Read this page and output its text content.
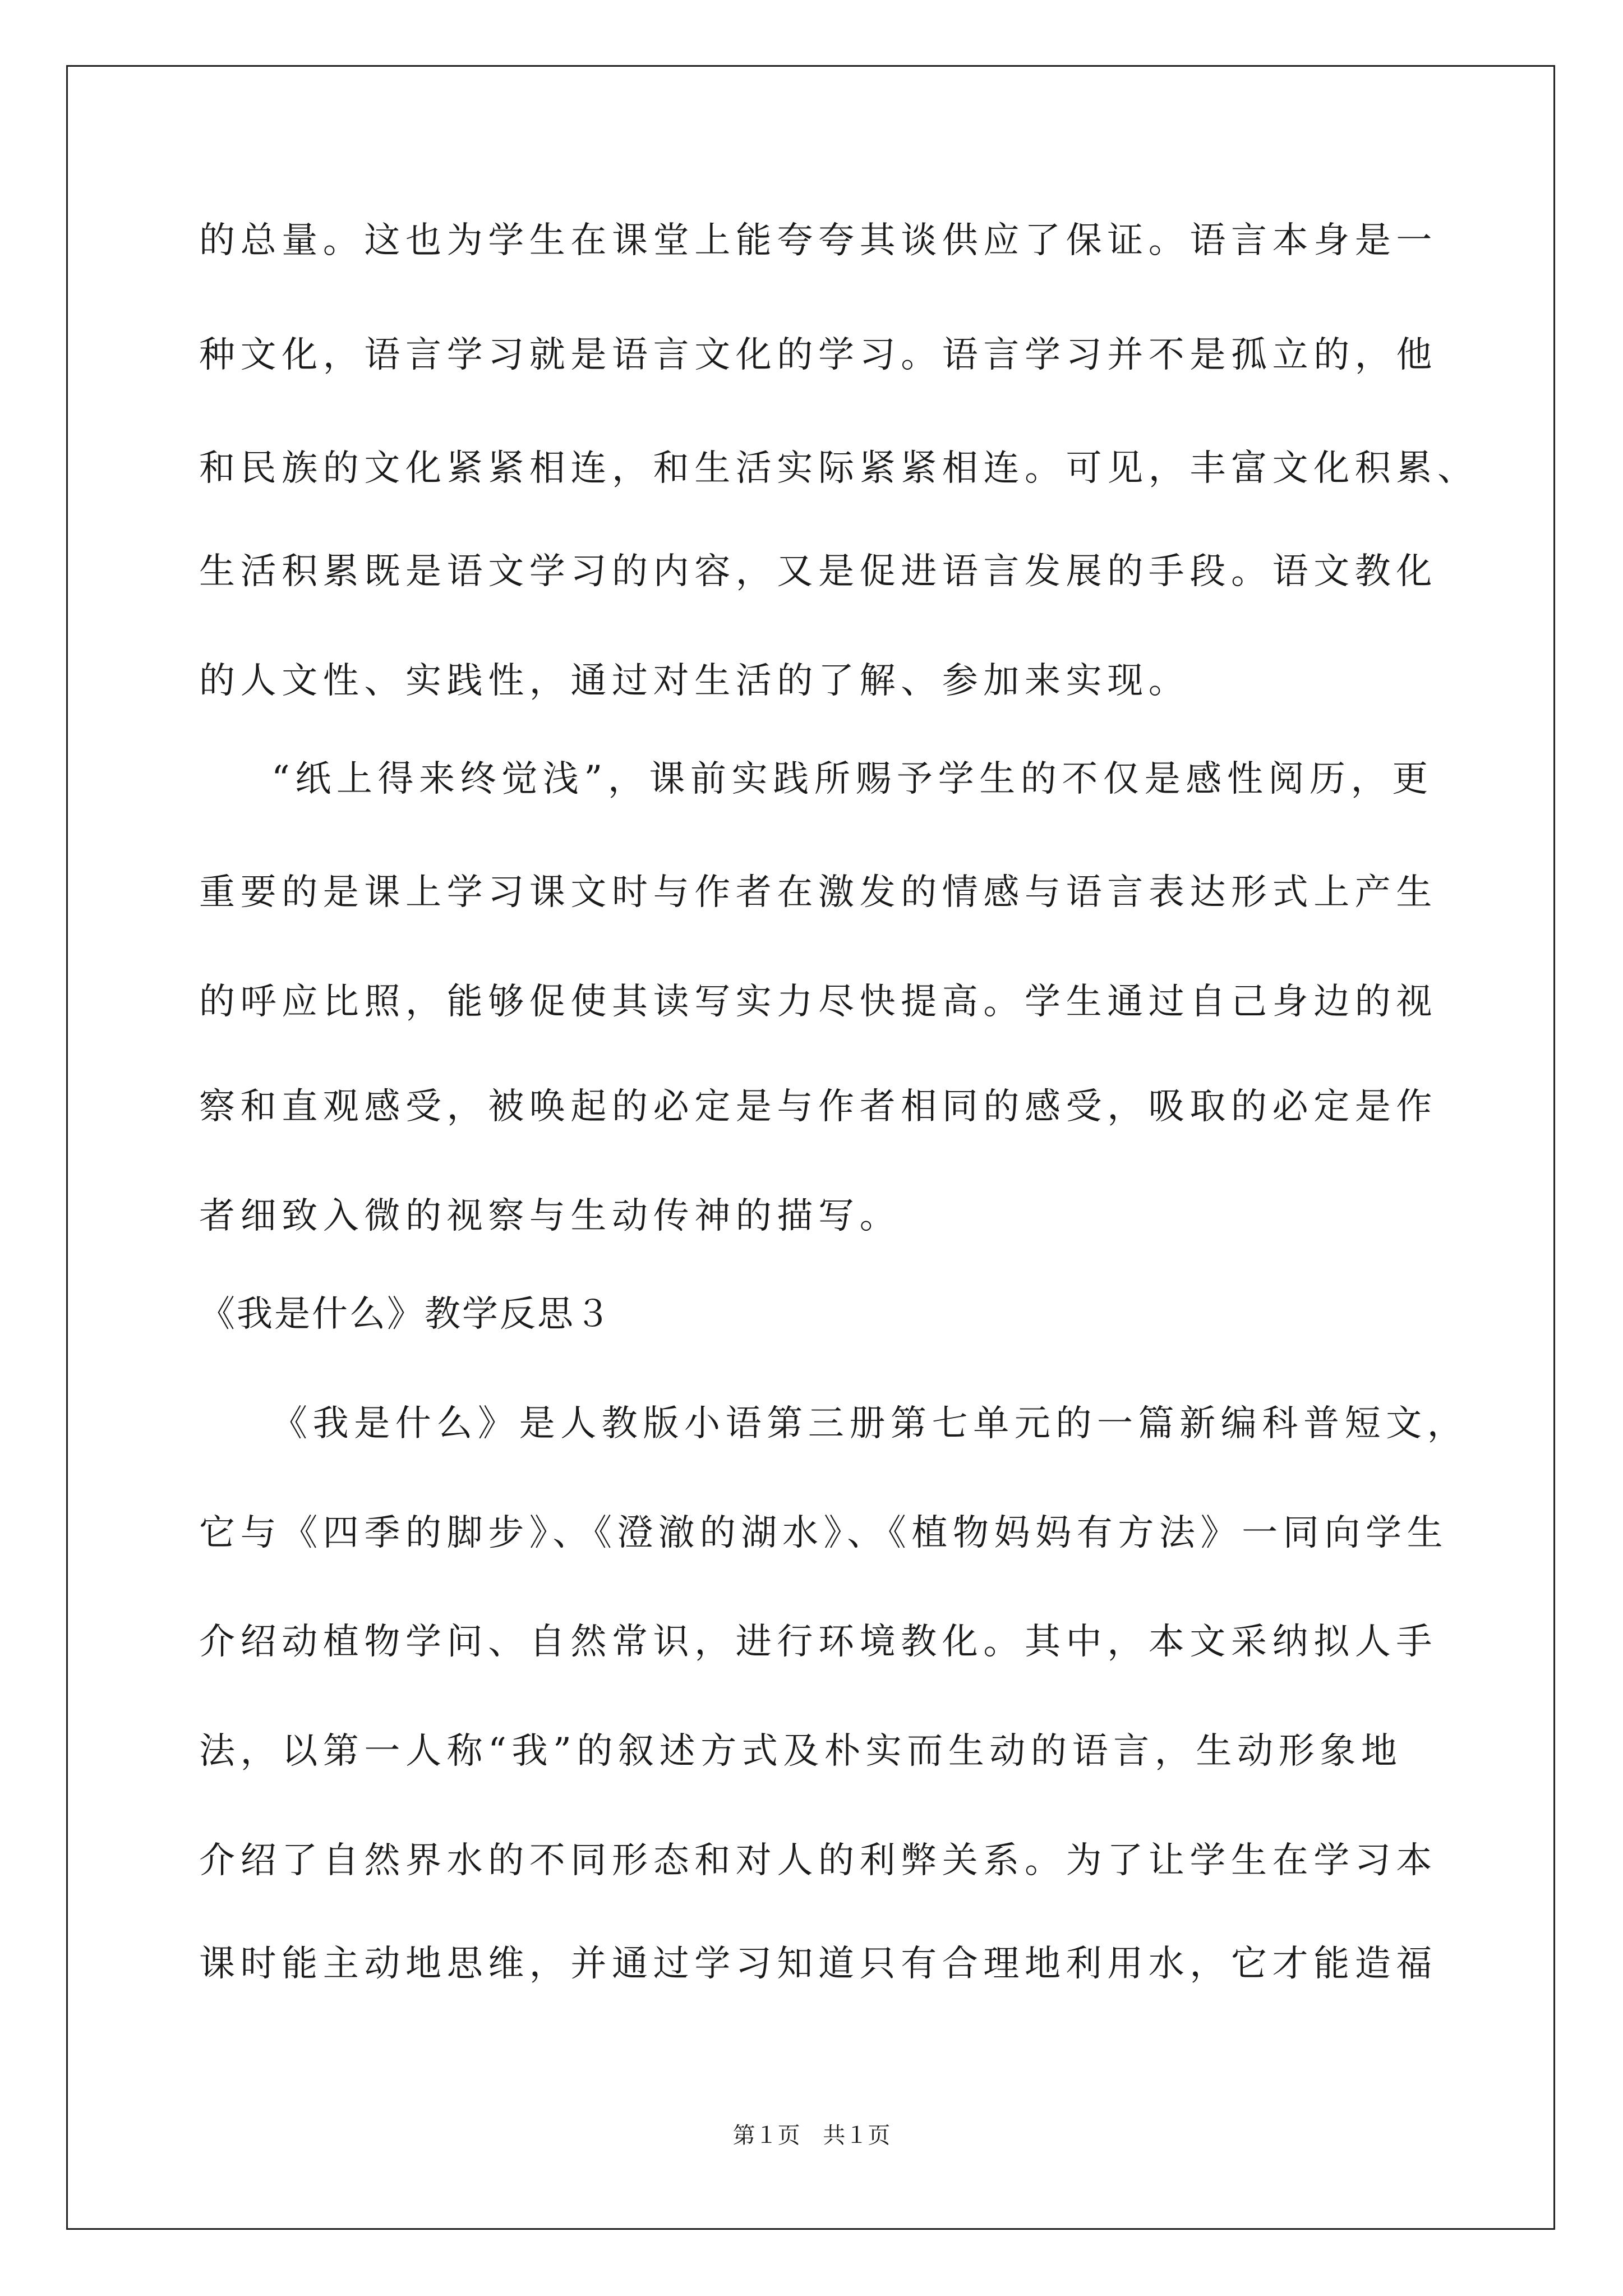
的总量。这也为学生在课堂上能夸夸其谈供应了保证。语言本身是一
种文化，语言学习就是语言文化的学习。语言学习并不是孤立的，他
和民族的文化紧紧相连，和生活实际紧紧相连。可见，丰富文化积累、
生活积累既是语文学习的内容，又是促进语言发展的手段。语文教化
的人文性、实践性，通过对生活的了解、参加来实现。
“纸上得来终觉浅”，课前实践所赐予学生的不仅是感性阅历，更
重要的是课上学习课文时与作者在激发的情感与语言表达形式上产生
的呼应比照，能够促使其读写实力尽快提高。学生通过自己身边的视
察和直观感受，被唤起的必定是与作者相同的感受，吸取的必定是作
者细致入微的视察与生动传神的描写。
《我是什么》教学反思３
《我是什么》是人教版小语第三册第七单元的一篇新编科普短文，
它与《四季的脚步》、《澄澈的湖水》、《植物妈妈有方法》一同向学生
介绍动植物学问、自然常识，进行环境教化。其中，本文采纳拟人手
法，以第一人称“我”的叙述方式及朴实而生动的语言，生动形象地
介绍了自然界水的不同形态和对人的利弊关系。为了让学生在学习本
课时能主动地思维，并通过学习知道只有合理地利用水，它才能造福
第１页 共１页
